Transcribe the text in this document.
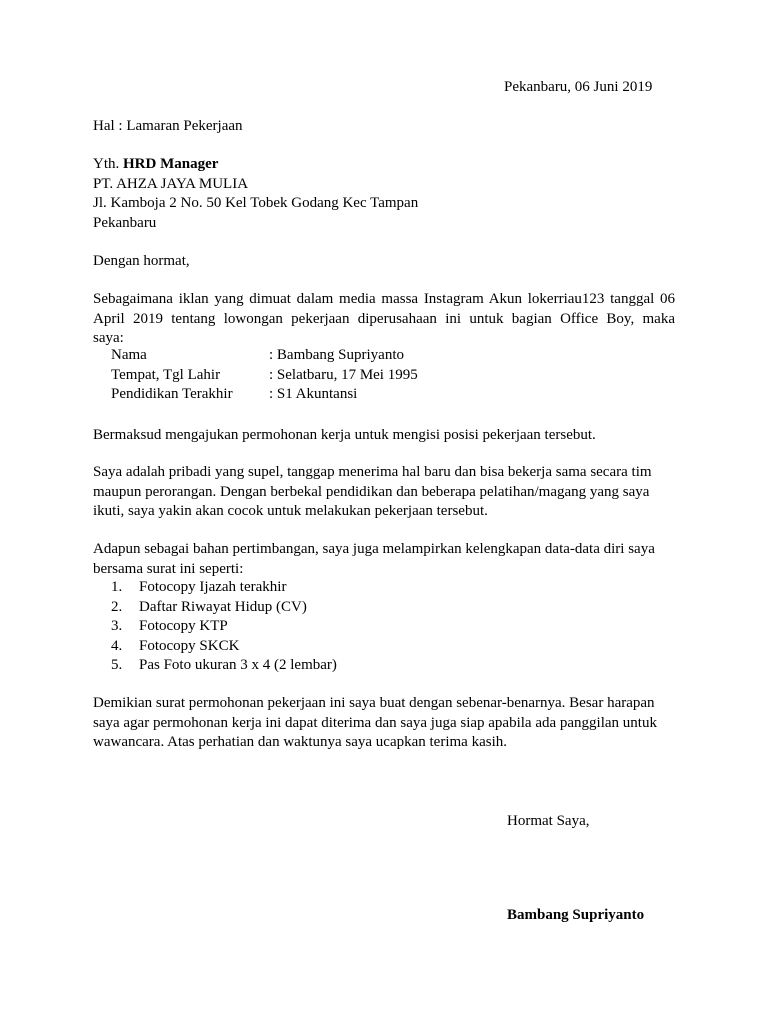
Pekanbaru, 06 Juni 2019
Hal : Lamaran Pekerjaan
Yth. HRD Manager
PT. AHZA JAYA MULIA
Jl. Kamboja 2 No. 50 Kel Tobek Godang Kec Tampan
Pekanbaru
Dengan hormat,
Sebagaimana iklan yang dimuat dalam media massa Instagram Akun lokerriau123 tanggal 06
April 2019 tentang lowongan pekerjaan diperusahaan ini untuk bagian Office Boy, maka
saya:
Nama	: Bambang Supriyanto
Tempat, Tgl Lahir	: Selatbaru, 17 Mei 1995
Pendidikan Terakhir	: S1 Akuntansi
Bermaksud mengajukan permohonan kerja untuk mengisi posisi pekerjaan tersebut.
Saya adalah pribadi yang supel, tanggap menerima hal baru dan bisa bekerja sama secara tim maupun perorangan. Dengan berbekal pendidikan dan beberapa pelatihan/magang yang saya ikuti, saya yakin akan cocok untuk melakukan pekerjaan tersebut.
Adapun sebagai bahan pertimbangan, saya juga melampirkan kelengkapan data-data diri saya bersama surat ini seperti:
1.	Fotocopy Ijazah terakhir
2.	Daftar Riwayat Hidup (CV)
3.	Fotocopy KTP
4.	Fotocopy SKCK
5.	Pas Foto ukuran 3 x 4 (2 lembar)
Demikian surat permohonan pekerjaan ini saya buat dengan sebenar-benarnya. Besar harapan saya agar permohonan kerja ini dapat diterima dan saya juga siap apabila ada panggilan untuk wawancara. Atas perhatian dan waktunya saya ucapkan terima kasih.
Hormat Saya,
Bambang Supriyanto
